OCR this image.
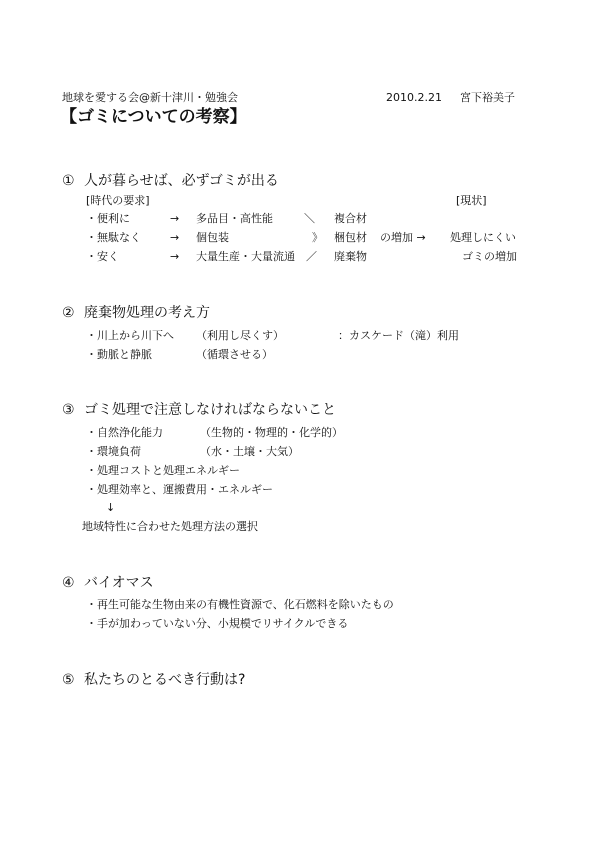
地球を愛する会@新十津川・勉強会	2010.2.21 宮下裕美子
【ゴミについての考察】
① 人が暮らせば、必ずゴミが出る
[時代の要求]	[現状]
・便利に	→ 多品目・高性能	＼ 複合材
・無駄なく	→ 個包装	》 梱包材 の増加 → 処理しにくい
・安く	→ 大量生産・大量流通 ／ 廃棄物	ゴミの増加
② 廃棄物処理の考え方
・川上から川下へ （利用し尽くす）	：カスケード（滝）利用
・動脈と静脈	（循環させる）
③ ゴミ処理で注意しなければならないこと
・自然浄化能力	（生物的・物理的・化学的）
・環境負荷	（水・土壌・大気）
・処理コストと処理エネルギー
・処理効率と、運搬費用・エネルギー
↓
地域特性に合わせた処理方法の選択
④ バイオマス
・再生可能な生物由来の有機性資源で、化石燃料を除いたもの
・手が加わっていない分、小規模でリサイクルできる
⑤ 私たちのとるべき行動は?
